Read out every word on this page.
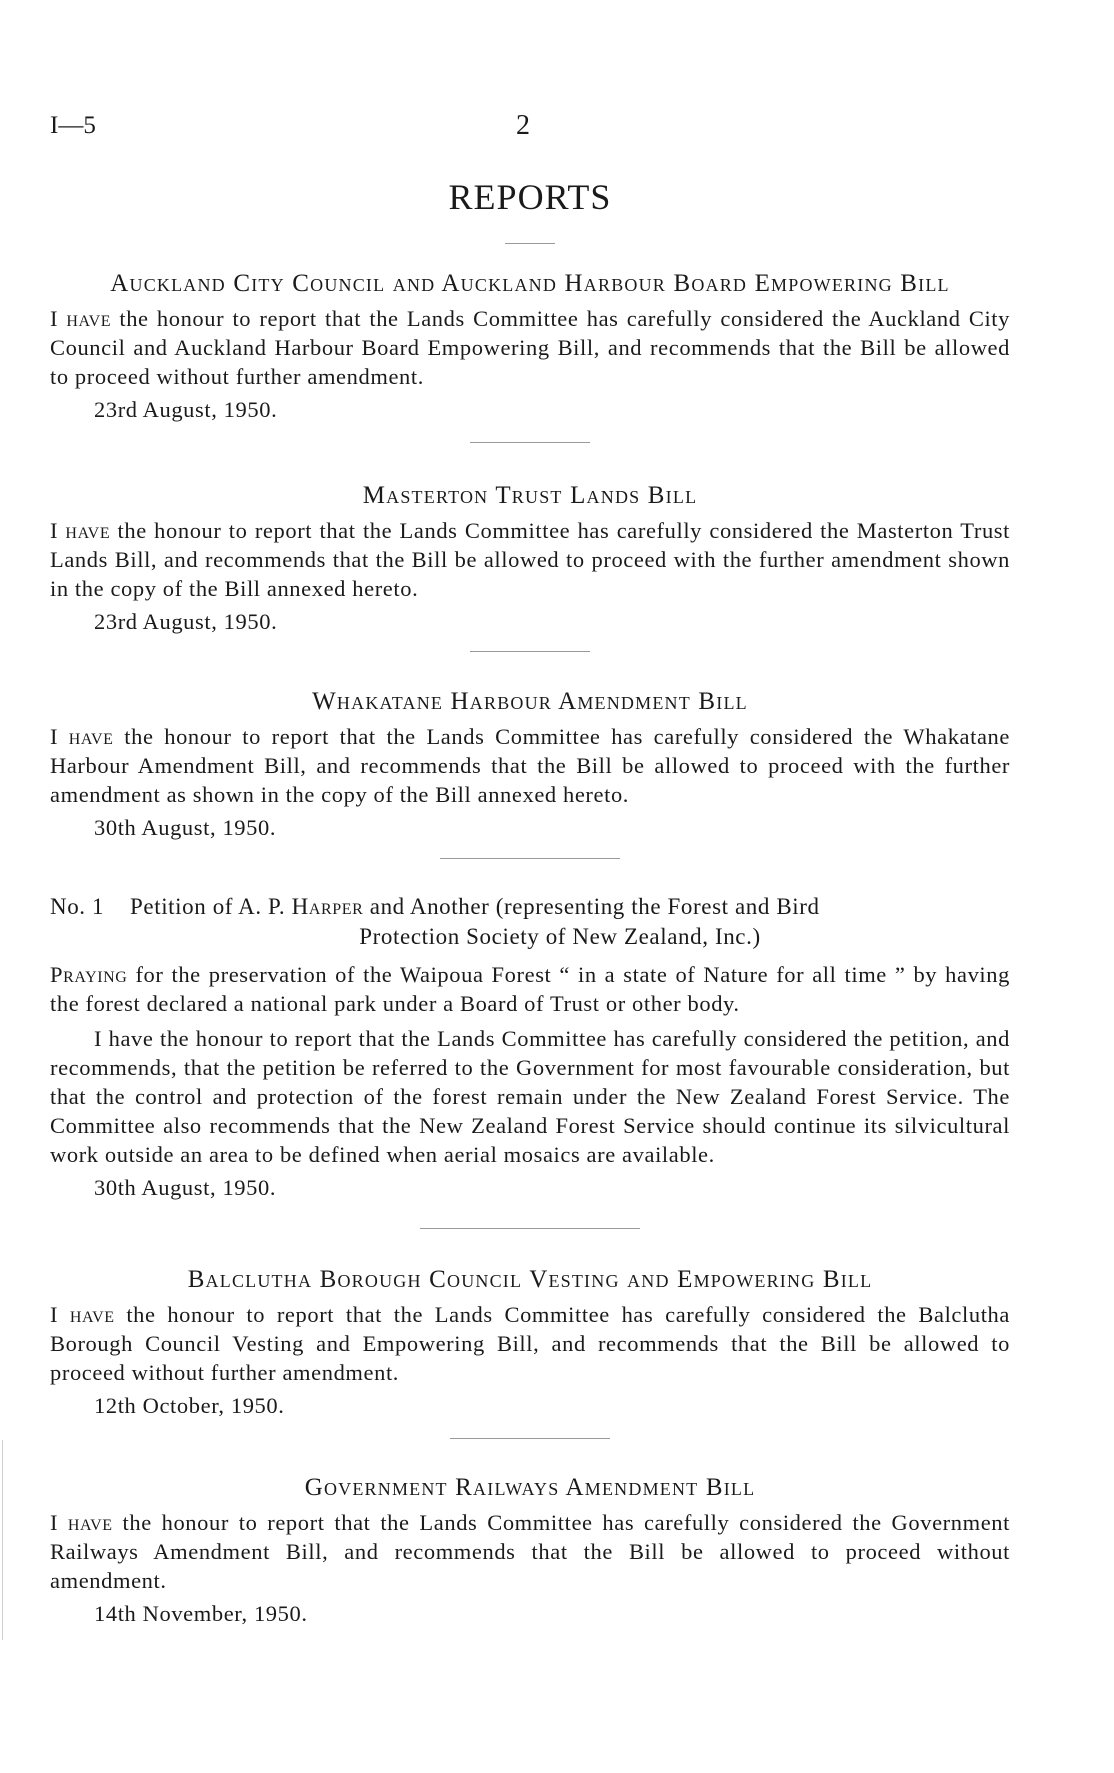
I—5	2
REPORTS
Auckland City Council and Auckland Harbour Board Empowering Bill

I have the honour to report that the Lands Committee has carefully considered the Auckland City Council and Auckland Harbour Board Empowering Bill, and recommends that the Bill be allowed to proceed without further amendment.

23rd August, 1950.
Masterton Trust Lands Bill

I have the honour to report that the Lands Committee has carefully considered the Masterton Trust Lands Bill, and recommends that the Bill be allowed to proceed with the further amendment shown in the copy of the Bill annexed hereto.

23rd August, 1950.
Whakatane Harbour Amendment Bill

I have the honour to report that the Lands Committee has carefully considered the Whakatane Harbour Amendment Bill, and recommends that the Bill be allowed to proceed with the further amendment as shown in the copy of the Bill annexed hereto.

30th August, 1950.
No. 1 Petition of A. P. Harper and Another (representing the Forest and Bird
Protection Society of New Zealand, Inc.)

Praying for the preservation of the Waipoua Forest “ in a state of Nature for all time ” by having the forest declared a national park under a Board of Trust or other body.

I have the honour to report that the Lands Committee has carefully considered the petition, and recommends, that the petition be referred to the Government for most favourable consideration, but that the control and protection of the forest remain under the New Zealand Forest Service. The Committee also recommends that the New Zealand Forest Service should continue its silvicultural work outside an area to be defined when aerial mosaics are available.

30th August, 1950.
Balclutha Borough Council Vesting and Empowering Bill

I have the honour to report that the Lands Committee has carefully considered the Balclutha Borough Council Vesting and Empowering Bill, and recommends that the Bill be allowed to proceed without further amendment.

12th October, 1950.
Government Railways Amendment Bill

I have the honour to report that the Lands Committee has carefully considered the Government Railways Amendment Bill, and recommends that the Bill be allowed to proceed without amendment.

14th November, 1950.
